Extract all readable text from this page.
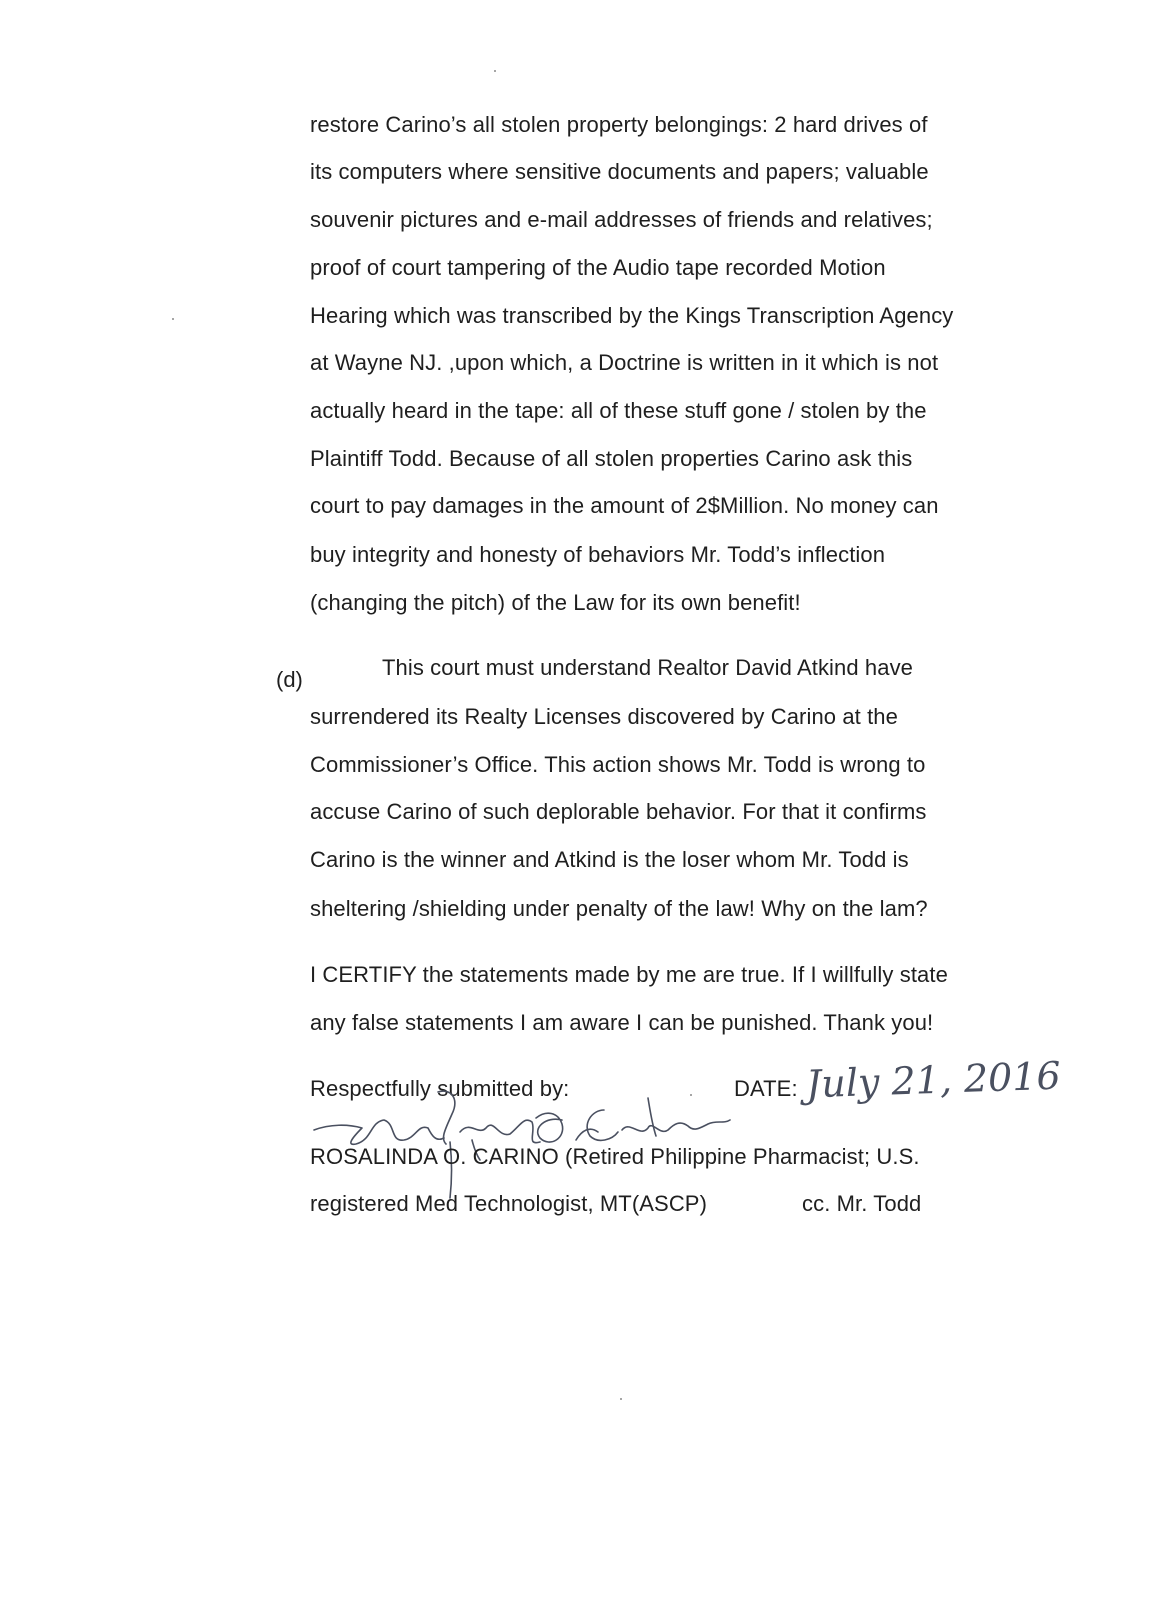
restore Carino’s all stolen property belongings: 2 hard drives of
its computers where sensitive documents and papers; valuable
souvenir pictures and e-mail addresses of friends and relatives;
proof of court tampering of the Audio tape recorded Motion
Hearing which was transcribed by the Kings Transcription Agency
at Wayne NJ. ,upon which, a Doctrine is written in it which is not
actually heard in the tape: all of these stuff gone / stolen by the
Plaintiff Todd. Because of all stolen properties Carino ask this
court to pay damages in the amount of 2$Million. No money can
buy integrity and honesty of behaviors Mr. Todd’s inflection
(changing the pitch) of the Law for its own benefit!
(d)	This court must understand Realtor David Atkind have
surrendered its Realty Licenses discovered by Carino at the
Commissioner’s Office. This action shows Mr. Todd is wrong to
accuse Carino of such deplorable behavior. For that it confirms
Carino is the winner and Atkind is the loser whom Mr. Todd is
sheltering /shielding under penalty of the law! Why on the lam?
I CERTIFY the statements made by me are true. If I willfully state
any false statements I am aware I can be punished. Thank you!
Respectfully submitted by:	DATE: July 21, 2016
ROSALINDA O. CARINO (Retired Philippine Pharmacist; U.S.
registered Med Technologist, MT(ASCP)	cc. Mr. Todd
